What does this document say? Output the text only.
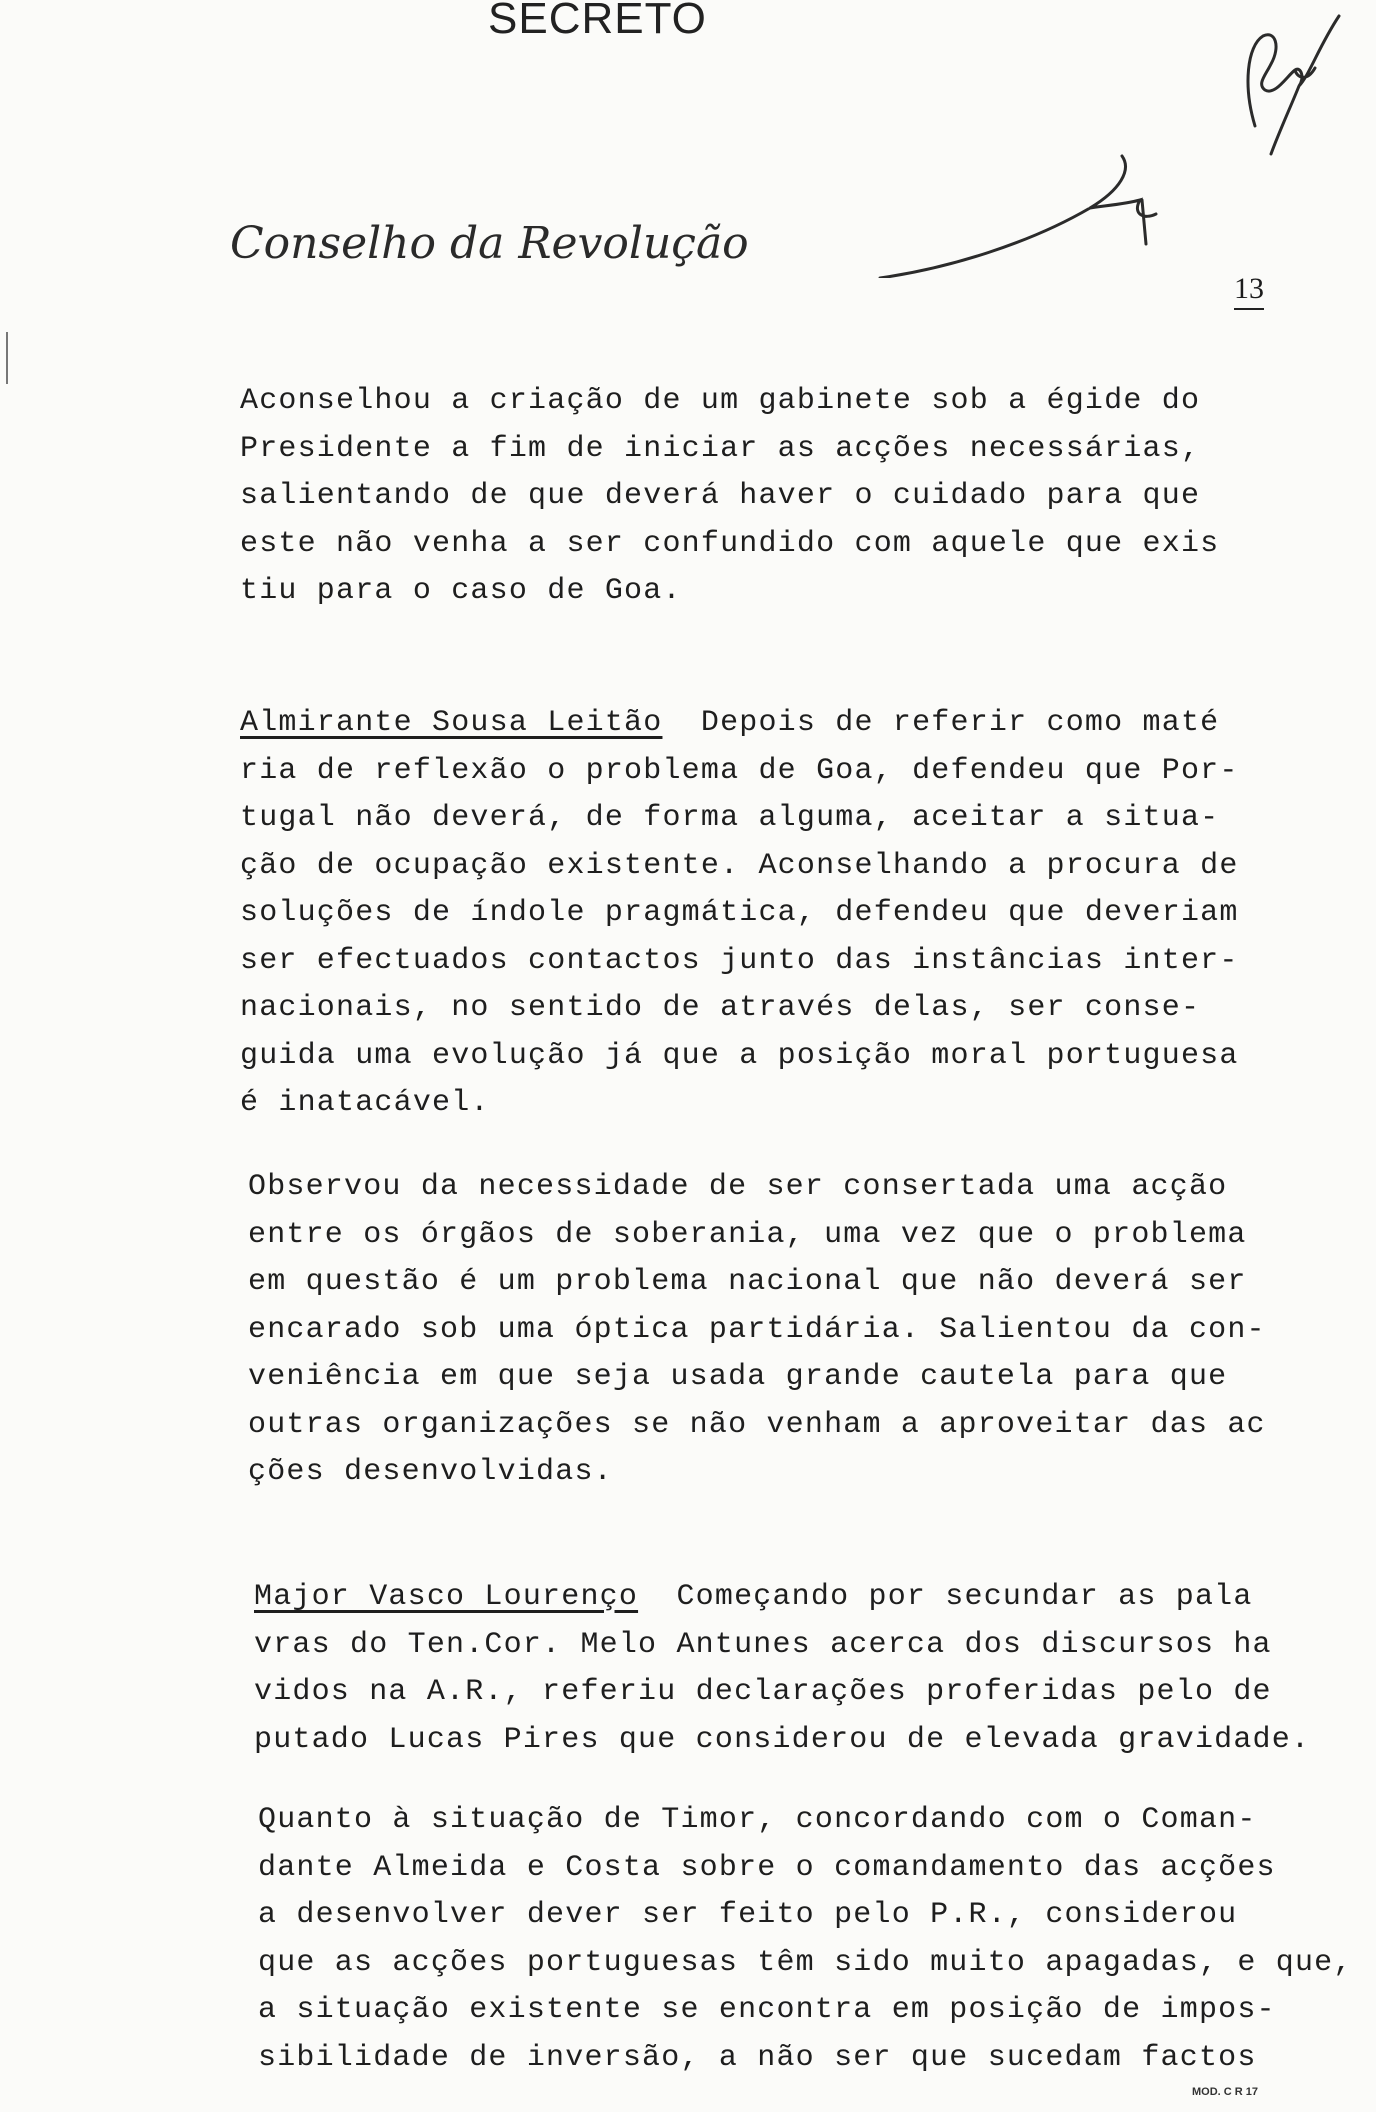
SECRETO
Conselho da Revolução
13

Aconselhou a criação de um gabinete sob a égide do
Presidente a fim de iniciar as acções necessárias,
salientando de que deverá haver o cuidado para que
este não venha a ser confundido com aquele que exis
tiu para o caso de Goa.

Almirante Sousa Leitão  Depois de referir como maté
ria de reflexão o problema de Goa, defendeu que Por-
tugal não deverá, de forma alguma, aceitar a situa-
ção de ocupação existente. Aconselhando a procura de
soluções de índole pragmática, defendeu que deveriam
ser efectuados contactos junto das instâncias inter-
nacionais, no sentido de através delas, ser conse-
guida uma evolução já que a posição moral portuguesa
é inatacável.

Observou da necessidade de ser consertada uma acção
entre os órgãos de soberania, uma vez que o problema
em questão é um problema nacional que não deverá ser
encarado sob uma óptica partidária. Salientou da con-
veniência em que seja usada grande cautela para que
outras organizações se não venham a aproveitar das ac
ções desenvolvidas.

Major Vasco Lourenço  Começando por secundar as pala
vras do Ten.Cor. Melo Antunes acerca dos discursos ha
vidos na A.R., referiu declarações proferidas pelo de
putado Lucas Pires que considerou de elevada gravidade.

Quanto à situação de Timor, concordando com o Coman-
dante Almeida e Costa sobre o comandamento das acções
a desenvolver dever ser feito pelo P.R., considerou
que as acções portuguesas têm sido muito apagadas, e que,
a situação existente se encontra em posição de impos-
sibilidade de inversão, a não ser que sucedam factos

MOD. C R 17
